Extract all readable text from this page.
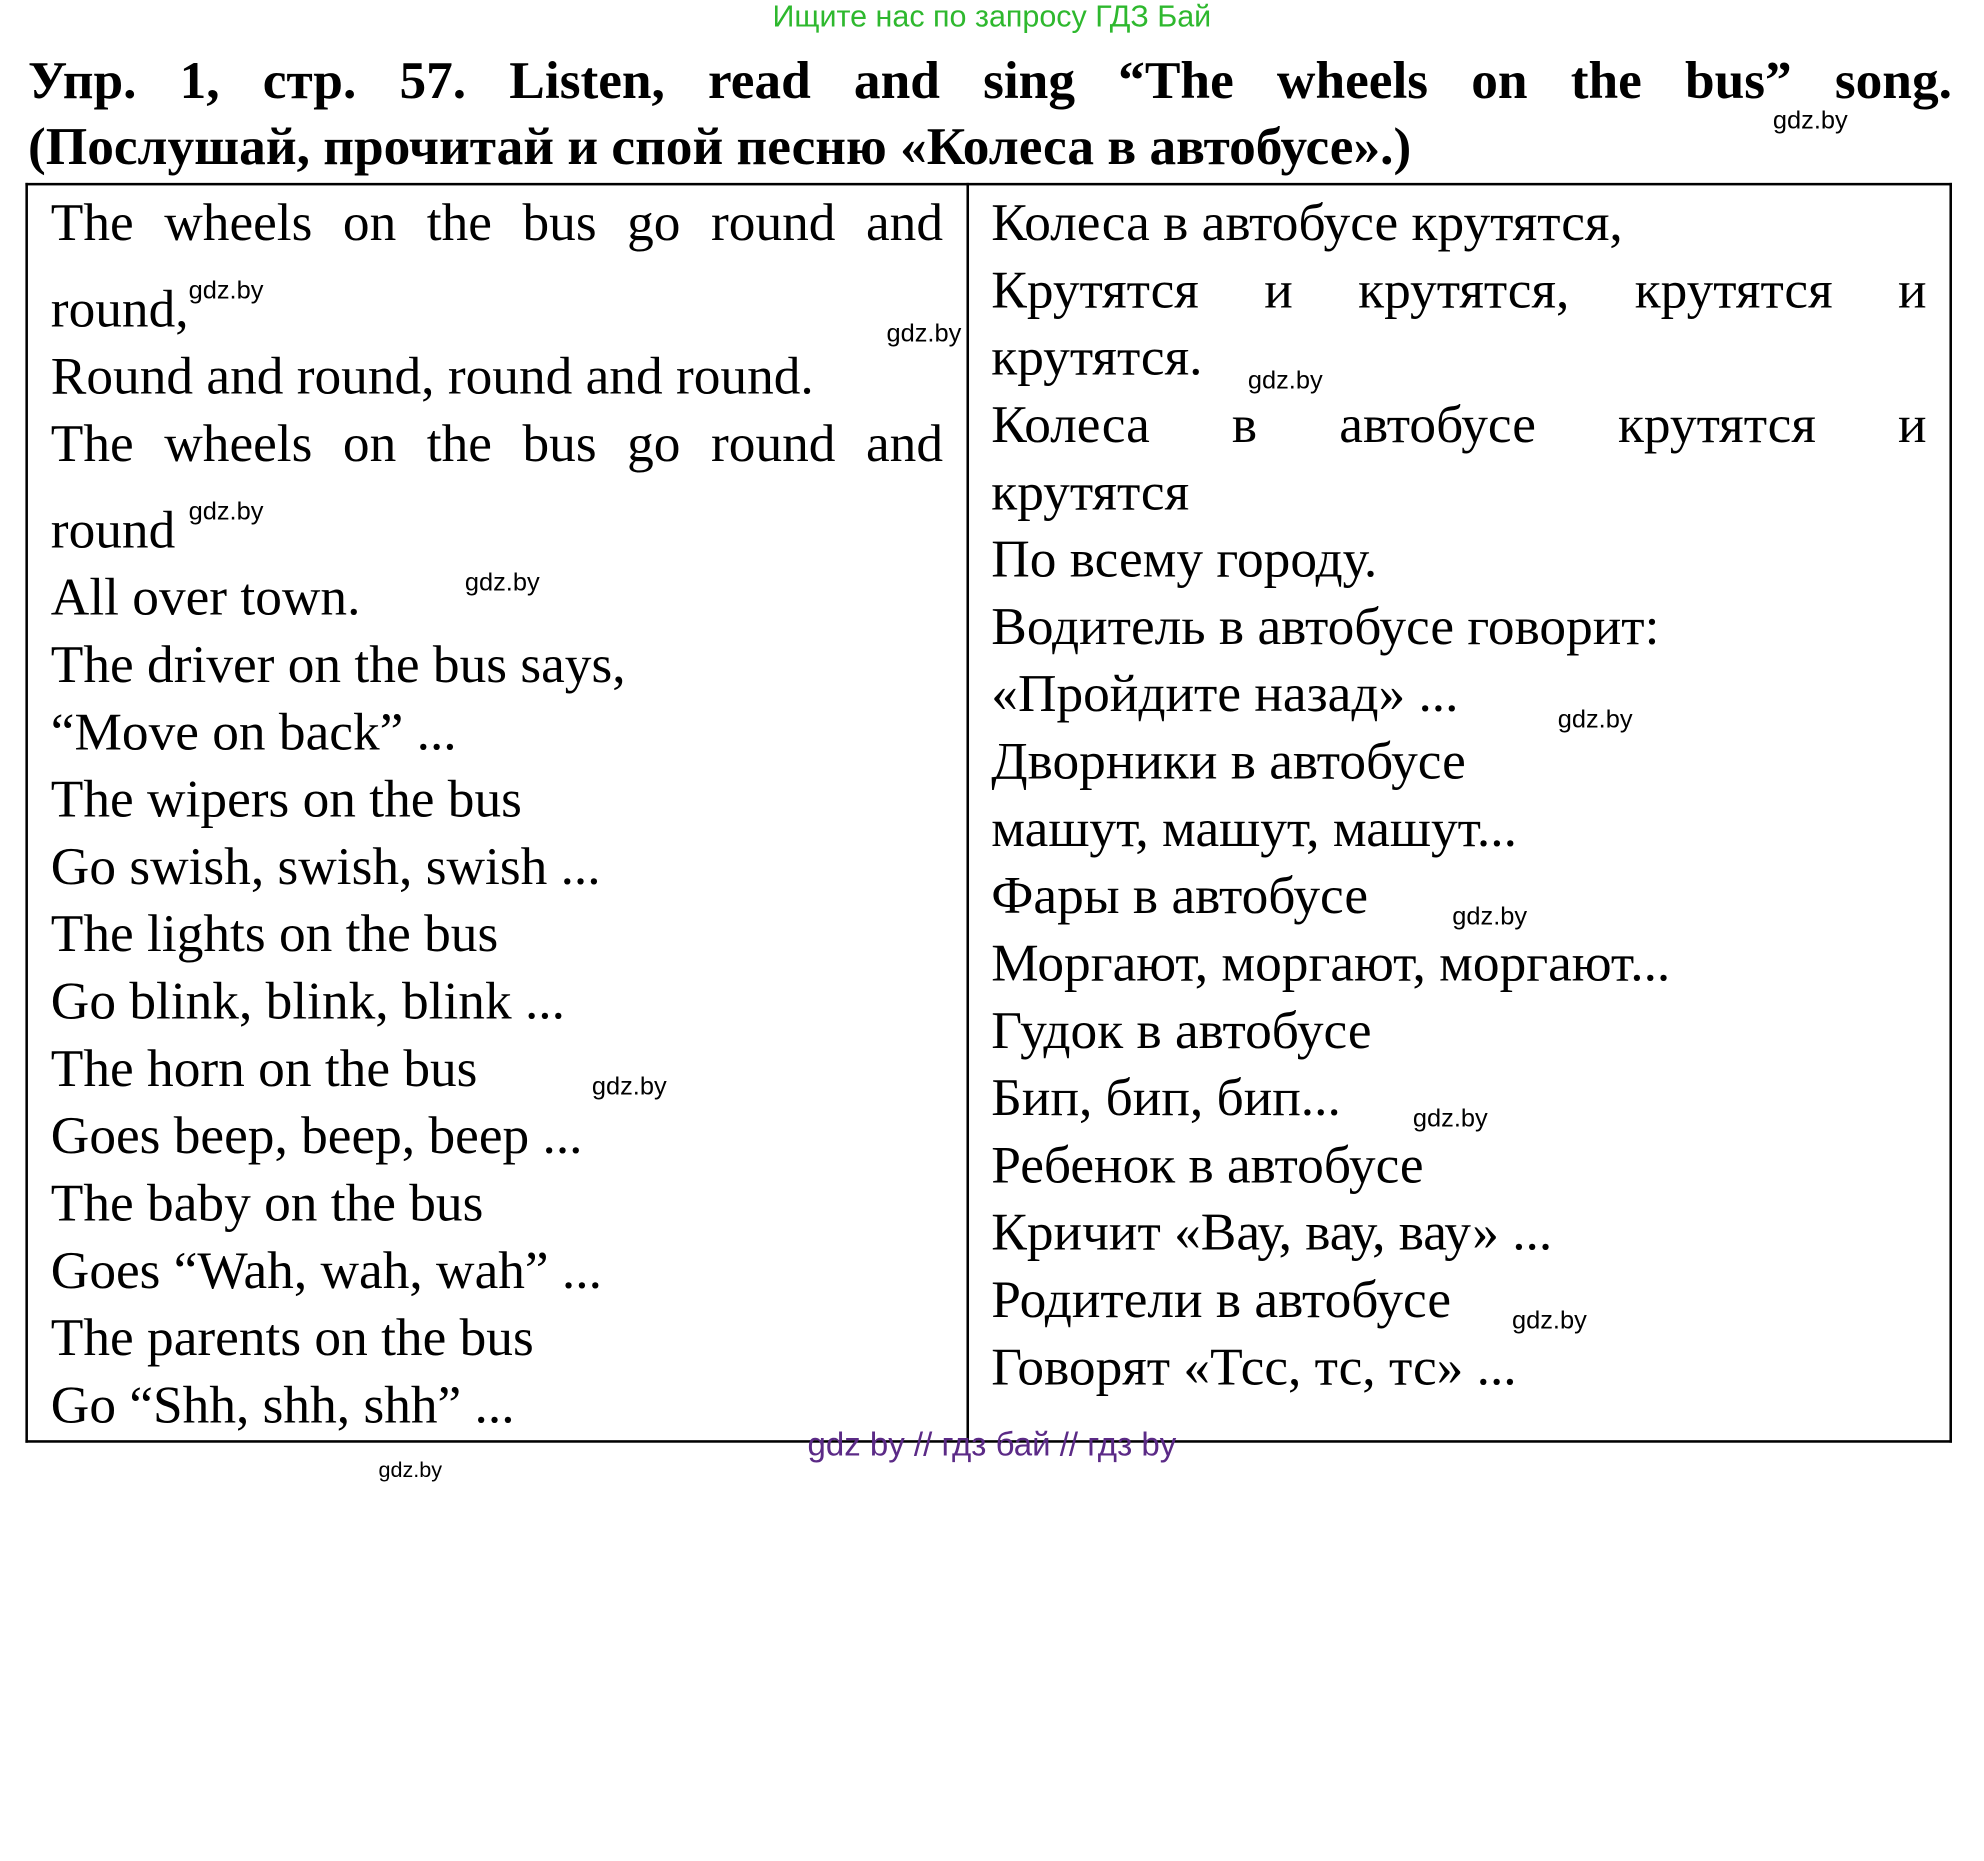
Ищите нас по запросу ГДЗ Бай
Упр. 1, стр. 57. Listen, read and sing “The wheels on the bus” song.
(Послушай, прочитай и спой песню «Колеса в автобусе».)	gdz.by
The wheels on the bus go round and
round,$^{gdz.by}$
gdz.by
Round and round, round and round.
The wheels on the bus go round and
round $^{gdz.by}$
All over town.	gdz.by
The driver on the bus says,
“Move on back” ...
The wipers on the bus
Go swish, swish, swish ...
The lights on the bus
Go blink, blink, blink ...
The horn on the bus	gdz.by
Goes beep, beep, beep ...
The baby on the bus
Goes “Wah, wah, wah” ...
The parents on the bus
Go “Shh, shh, shh” ...
gdz.by

Колеса в автобусе крутятся,
Крутятся и крутятся, крутятся и
крутятся. gdz.by
Колеса в автобусе крутятся и
крутятся
По всему городу.
Водитель в автобусе говорит:
«Пройдите назад» ...	gdz.by
Дворники в автобусе
машут, машут, машут...
Фары в автобусе	gdz.by
Моргают, моргают, моргают...
Гудок в автобусе
Бип, бип, бип...	gdz.by
Ребенок в автобусе
Кричит «Вау, вау, вау» ...
Родители в автобусе	gdz.by
Говорят «Тсс, тс, тс» ...
gdz by // гдз бай // гдз by
